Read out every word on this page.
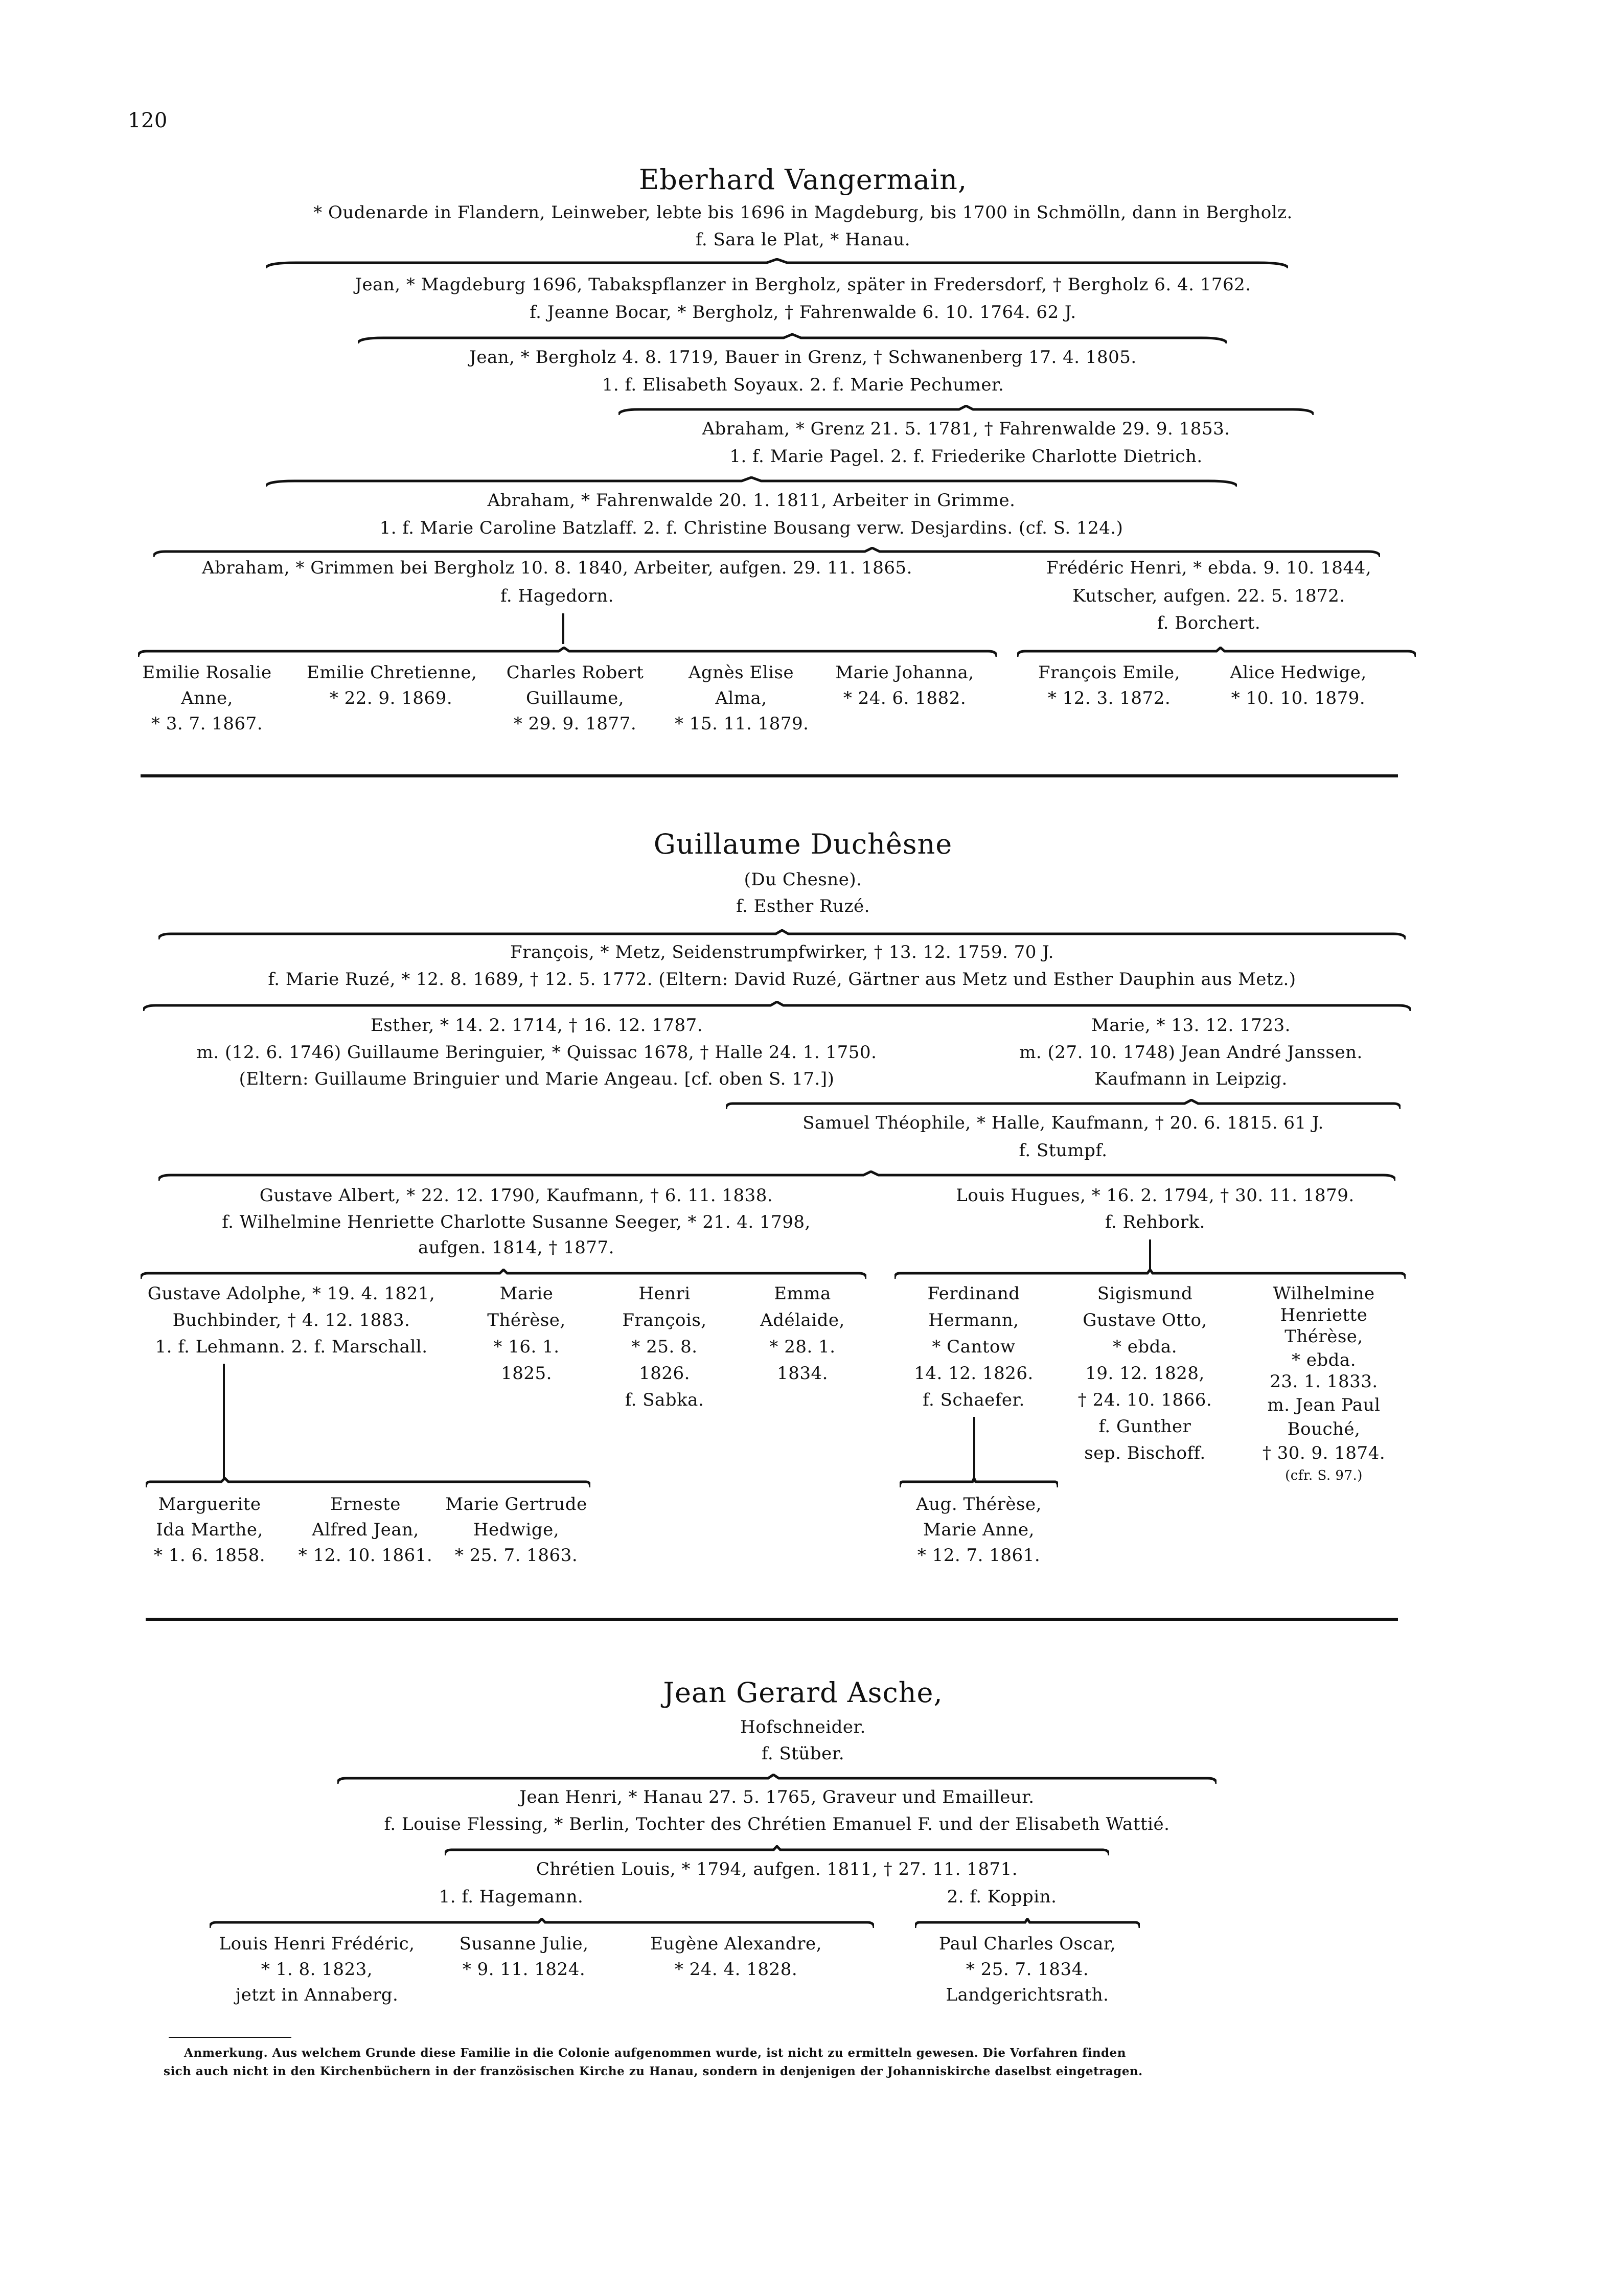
120
Eberhard Vangermain,
* Oudenarde in Flandern, Leinweber, lebte bis 1696 in Magdeburg, bis 1700 in Schmölln, dann in Bergholz.
f. Sara le Plat, * Hanau.
Jean, * Magdeburg 1696, Tabakspflanzer in Bergholz, später in Fredersdorf, † Bergholz 6. 4. 1762.
f. Jeanne Bocar, * Bergholz, † Fahrenwalde 6. 10. 1764. 62 J.
Jean, * Bergholz 4. 8. 1719, Bauer in Grenz, † Schwanenberg 17. 4. 1805.
1. f. Elisabeth Soyaux. 2. f. Marie Pechumer.
Abraham, * Grenz 21. 5. 1781, † Fahrenwalde 29. 9. 1853.
1. f. Marie Pagel. 2. f. Friederike Charlotte Dietrich.
Abraham, * Fahrenwalde 20. 1. 1811, Arbeiter in Grimme.
1. f. Marie Caroline Batzlaff. 2. f. Christine Bousang verw. Desjardins. (cf. S. 124.)
Abraham, * Grimmen bei Bergholz 10. 8. 1840, Arbeiter, aufgen. 29. 11. 1865.
f. Hagedorn.
Frédéric Henri, * ebda. 9. 10. 1844,
Kutscher, aufgen. 22. 5. 1872.
f. Borchert.
Emilie Rosalie
Anne,
* 3. 7. 1867.
Emilie Chretienne,
* 22. 9. 1869.
Charles Robert
Guillaume,
* 29. 9. 1877.
Agnès Elise
Alma,
* 15. 11. 1879.
Marie Johanna,
* 24. 6. 1882.
François Emile,
* 12. 3. 1872.
Alice Hedwige,
* 10. 10. 1879.
Guillaume Duchêsne
(Du Chesne).
f. Esther Ruzé.
François, * Metz, Seidenstrumpfwirker, † 13. 12. 1759. 70 J.
f. Marie Ruzé, * 12. 8. 1689, † 12. 5. 1772. (Eltern: David Ruzé, Gärtner aus Metz und Esther Dauphin aus Metz.)
Esther, * 14. 2. 1714, † 16. 12. 1787.
m. (12. 6. 1746) Guillaume Beringuier, * Quissac 1678, † Halle 24. 1. 1750.
(Eltern: Guillaume Bringuier und Marie Angeau. [cf. oben S. 17.])
Marie, * 13. 12. 1723.
m. (27. 10. 1748) Jean André Janssen.
Kaufmann in Leipzig.
Samuel Théophile, * Halle, Kaufmann, † 20. 6. 1815. 61 J.
f. Stumpf.
Gustave Albert, * 22. 12. 1790, Kaufmann, † 6. 11. 1838.
f. Wilhelmine Henriette Charlotte Susanne Seeger, * 21. 4. 1798,
aufgen. 1814, † 1877.
Louis Hugues, * 16. 2. 1794, † 30. 11. 1879.
f. Rehbork.
Gustave Adolphe, * 19. 4. 1821,
Buchbinder, † 4. 12. 1883.
1. f. Lehmann. 2. f. Marschall.
Marie
Thérèse,
* 16. 1.
1825.
Henri
François,
* 25. 8.
1826.
f. Sabka.
Emma
Adélaide,
* 28. 1.
1834.
Ferdinand
Hermann,
* Cantow
14. 12. 1826.
f. Schaefer.
Sigismund
Gustave Otto,
* ebda.
19. 12. 1828,
† 24. 10. 1866.
f. Gunther
sep. Bischoff.
Wilhelmine
Henriette
Thérèse,
* ebda.
23. 1. 1833.
m. Jean Paul
Bouché,
† 30. 9. 1874.
(cfr. S. 97.)
Marguerite
Ida Marthe,
* 1. 6. 1858.
Erneste
Alfred Jean,
* 12. 10. 1861.
Marie Gertrude
Hedwige,
* 25. 7. 1863.
Aug. Thérèse,
Marie Anne,
* 12. 7. 1861.
Jean Gerard Asche,
Hofschneider.
f. Stüber.
Jean Henri, * Hanau 27. 5. 1765, Graveur und Emailleur.
f. Louise Flessing, * Berlin, Tochter des Chrétien Emanuel F. und der Elisabeth Wattié.
Chrétien Louis, * 1794, aufgen. 1811, † 27. 11. 1871.
1. f. Hagemann.	2. f. Koppin.
Louis Henri Frédéric,
* 1. 8. 1823,
jetzt in Annaberg.
Susanne Julie,
* 9. 11. 1824.
Eugène Alexandre,
* 24. 4. 1828.
Paul Charles Oscar,
* 25. 7. 1834.
Landgerichtsrath.
Anmerkung. Aus welchem Grunde diese Familie in die Colonie aufgenommen wurde, ist nicht zu ermitteln gewesen. Die Vorfahren finden
sich auch nicht in den Kirchenbüchern in der französischen Kirche zu Hanau, sondern in denjenigen der Johanniskirche daselbst eingetragen.
